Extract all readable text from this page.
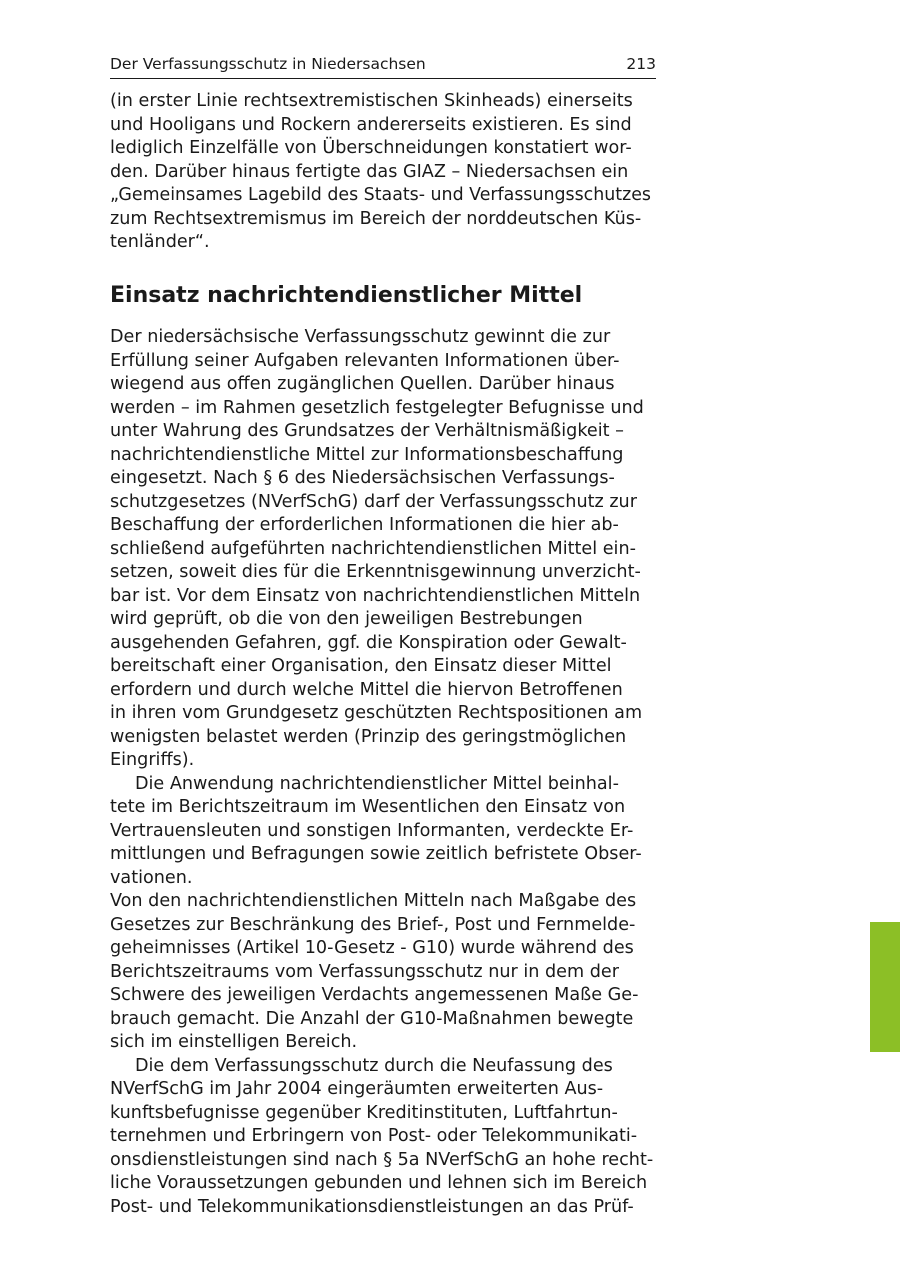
Der Verfassungsschutz in Niedersachsen	213
(in erster Linie rechtsextremistischen Skinheads) einerseits
und Hooligans und Rockern andererseits existieren. Es sind
lediglich Einzelfälle von Überschneidungen konstatiert wor-
den. Darüber hinaus fertigte das GIAZ – Niedersachsen ein
„Gemeinsames Lagebild des Staats- und Verfassungsschutzes
zum Rechtsextremismus im Bereich der norddeutschen Küs-
tenländer“.
Einsatz nachrichtendienstlicher Mittel
Der niedersächsische Verfassungsschutz gewinnt die zur
Erfüllung seiner Aufgaben relevanten Informationen über-
wiegend aus offen zugänglichen Quellen. Darüber hinaus
werden – im Rahmen gesetzlich festgelegter Befugnisse und
unter Wahrung des Grundsatzes der Verhältnismäßigkeit –
nachrichtendienstliche Mittel zur Informationsbeschaffung
eingesetzt. Nach § 6 des Niedersächsischen Verfassungs-
schutzgesetzes (NVerfSchG) darf der Verfassungsschutz zur
Beschaffung der erforderlichen Informationen die hier ab-
schließend aufgeführten nachrichtendienstlichen Mittel ein-
setzen, soweit dies für die Erkenntnisgewinnung unverzicht-
bar ist. Vor dem Einsatz von nachrichtendienstlichen Mitteln
wird geprüft, ob die von den jeweiligen Bestrebungen
ausgehenden Gefahren, ggf. die Konspiration oder Gewalt-
bereitschaft einer Organisation, den Einsatz dieser Mittel
erfordern und durch welche Mittel die hiervon Betroffenen
in ihren vom Grundgesetz geschützten Rechtspositionen am
wenigsten belastet werden (Prinzip des geringstmöglichen
Eingriffs).
Die Anwendung nachrichtendienstlicher Mittel beinhal-
tete im Berichtszeitraum im Wesentlichen den Einsatz von
Vertrauensleuten und sonstigen Informanten, verdeckte Er-
mittlungen und Befragungen sowie zeitlich befristete Obser-
vationen.
Von den nachrichtendienstlichen Mitteln nach Maßgabe des
Gesetzes zur Beschränkung des Brief-, Post und Fernmelde-
geheimnisses (Artikel 10-Gesetz - G10) wurde während des
Berichtszeitraums vom Verfassungsschutz nur in dem der
Schwere des jeweiligen Verdachts angemessenen Maße Ge-
brauch gemacht. Die Anzahl der G10-Maßnahmen bewegte
sich im einstelligen Bereich.
Die dem Verfassungsschutz durch die Neufassung des
NVerfSchG im Jahr 2004 eingeräumten erweiterten Aus-
kunftsbefugnisse gegenüber Kreditinstituten, Luftfahrtun-
ternehmen und Erbringern von Post- oder Telekommunikati-
onsdienstleistungen sind nach § 5a NVerfSchG an hohe recht-
liche Voraussetzungen gebunden und lehnen sich im Bereich
Post- und Telekommunikationsdienstleistungen an das Prüf-
